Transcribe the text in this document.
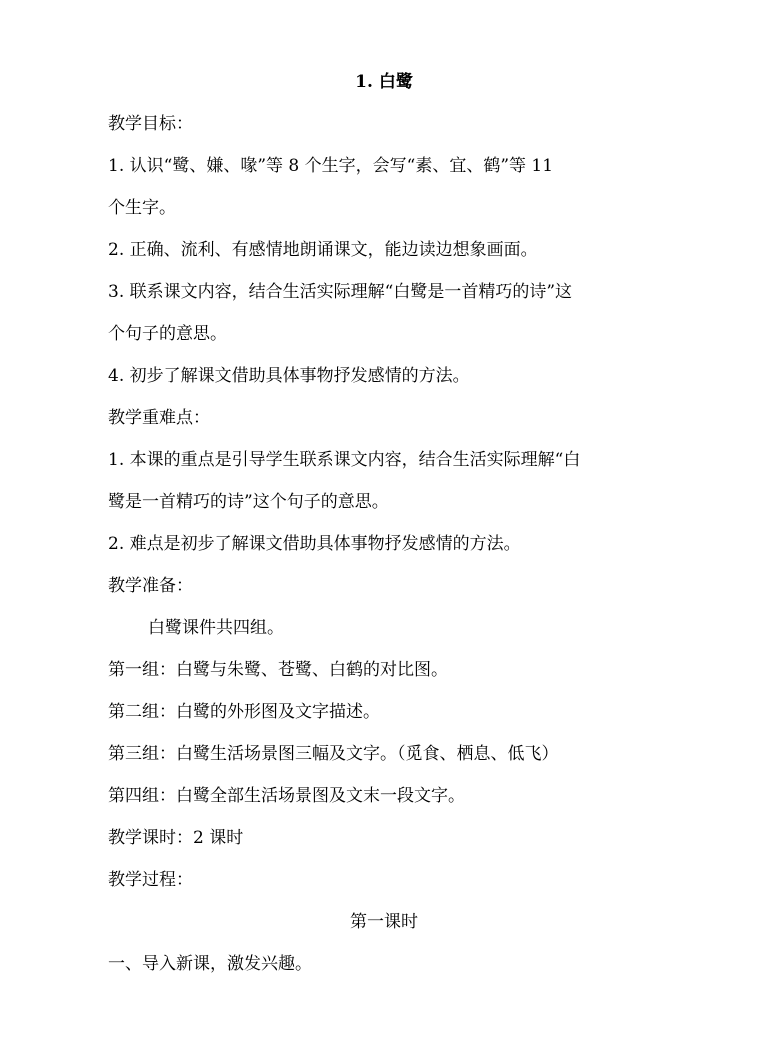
1. 白鹭
教学目标：
1. 认识“鹭、嫌、喙”等 8 个生字，会写“素、宜、鹤”等 11
个生字。
2. 正确、流利、有感情地朗诵课文，能边读边想象画面。
3. 联系课文内容，结合生活实际理解“白鹭是一首精巧的诗”这
个句子的意思。
4. 初步了解课文借助具体事物抒发感情的方法。
教学重难点：
1. 本课的重点是引导学生联系课文内容，结合生活实际理解“白
鹭是一首精巧的诗”这个句子的意思。
2. 难点是初步了解课文借助具体事物抒发感情的方法。
教学准备：
白鹭课件共四组。
第一组：白鹭与朱鹭、苍鹭、白鹤的对比图。
第二组：白鹭的外形图及文字描述。
第三组：白鹭生活场景图三幅及文字。（觅食、栖息、低飞）
第四组：白鹭全部生活场景图及文末一段文字。
教学课时：2 课时
教学过程：
第一课时
一、导入新课，激发兴趣。
